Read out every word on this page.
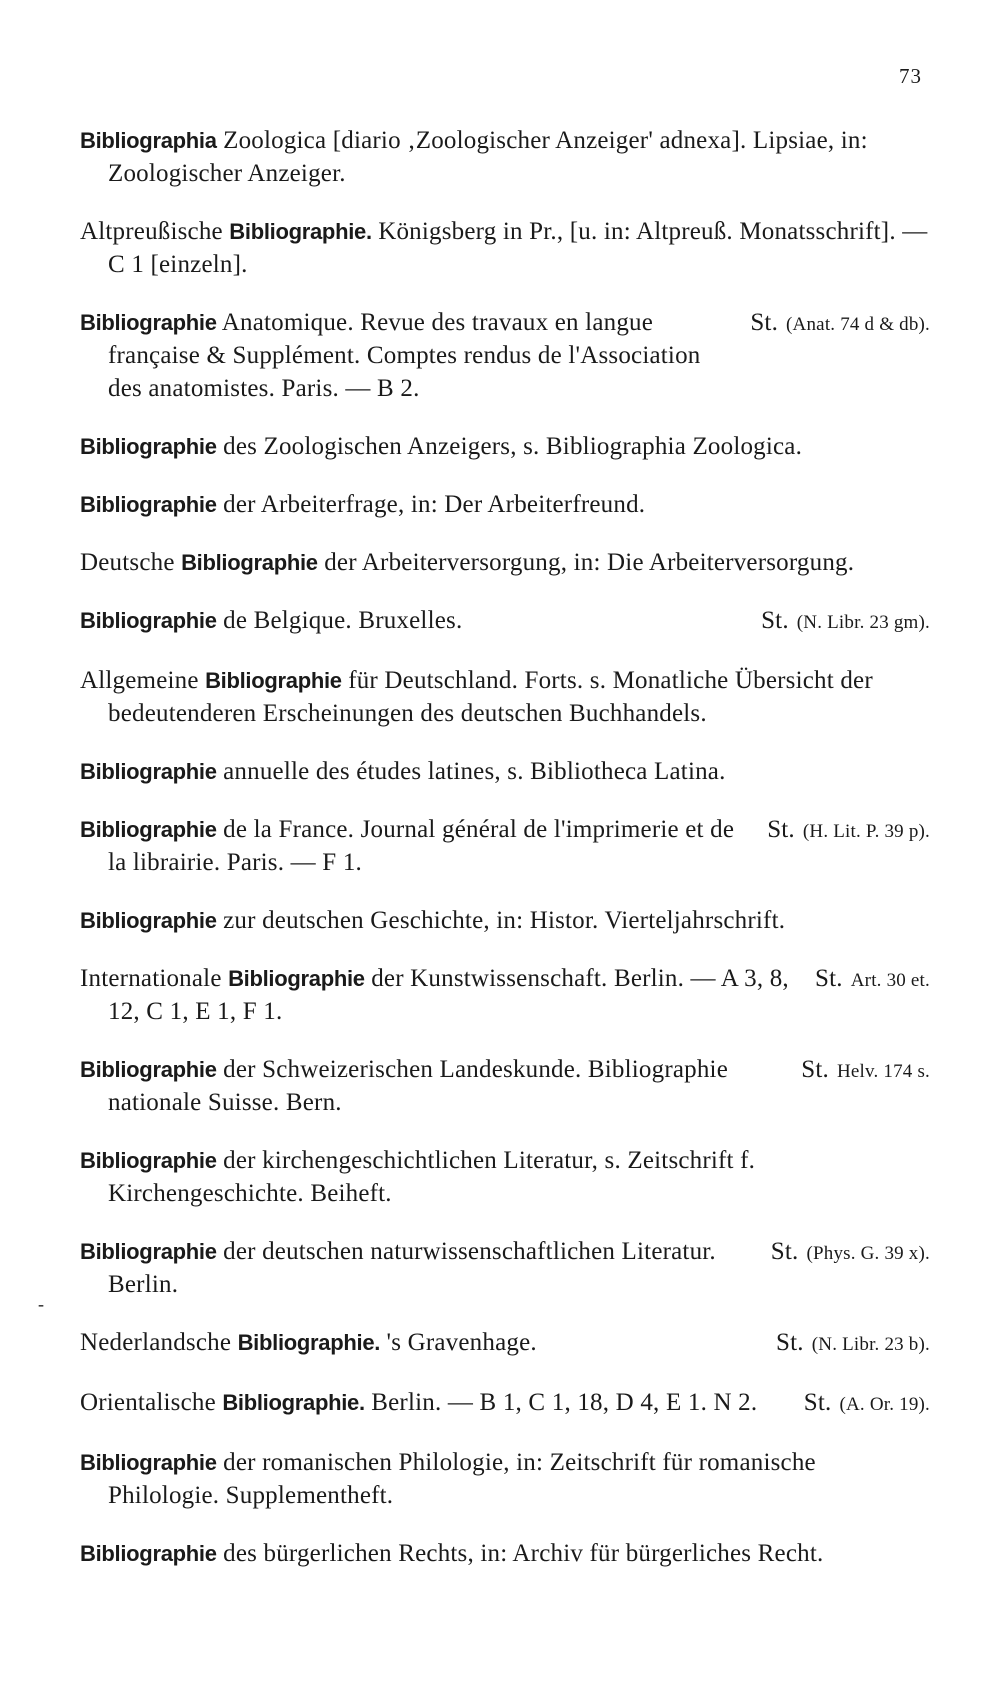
73
-
Bibliographia Zoologica [diario ‚Zoologischer Anzeiger' adnexa]. Lipsiae, in: Zoologischer Anzeiger.
Altpreußische Bibliographie. Königsberg in Pr., [u. in: Altpreuß. Monatsschrift]. — C 1 [einzeln].
St. (Anat. 74 d & db).
Bibliographie Anatomique. Revue des travaux en langue française & Supplément. Comptes rendus de l'Association des anatomistes. Paris. — B 2.
Bibliographie des Zoologischen Anzeigers, s. Bibliographia Zoologica.
Bibliographie der Arbeiterfrage, in: Der Arbeiterfreund.
Deutsche Bibliographie der Arbeiterversorgung, in: Die Arbeiterversorgung.
St. (N. Libr. 23 gm).
Bibliographie de Belgique. Bruxelles.
Allgemeine Bibliographie für Deutschland. Forts. s. Monatliche Übersicht der bedeutenderen Erscheinungen des deutschen Buchhandels.
Bibliographie annuelle des études latines, s. Bibliotheca Latina.
St. (H. Lit. P. 39 p).
Bibliographie de la France. Journal général de l'imprimerie et de la librairie. Paris. — F 1.
Bibliographie zur deutschen Geschichte, in: Histor. Vierteljahrschrift.
St. Art. 30 et.
Internationale Bibliographie der Kunstwissenschaft. Berlin. — A 3, 8, 12, C 1, E 1, F 1.
St. Helv. 174 s.
Bibliographie der Schweizerischen Landeskunde. Bibliographie nationale Suisse. Bern.
Bibliographie der kirchengeschichtlichen Literatur, s. Zeitschrift f. Kirchengeschichte. Beiheft.
St. (Phys. G. 39 x).
Bibliographie der deutschen naturwissenschaftlichen Literatur. Berlin.
St. (N. Libr. 23 b).
Nederlandsche Bibliographie. 's Gravenhage.
St. (A. Or. 19).
Orientalische Bibliographie. Berlin. — B 1, C 1, 18, D 4, E 1. N 2.
Bibliographie der romanischen Philologie, in: Zeitschrift für romanische Philologie. Supplementheft.
Bibliographie des bürgerlichen Rechts, in: Archiv für bürgerliches Recht.
